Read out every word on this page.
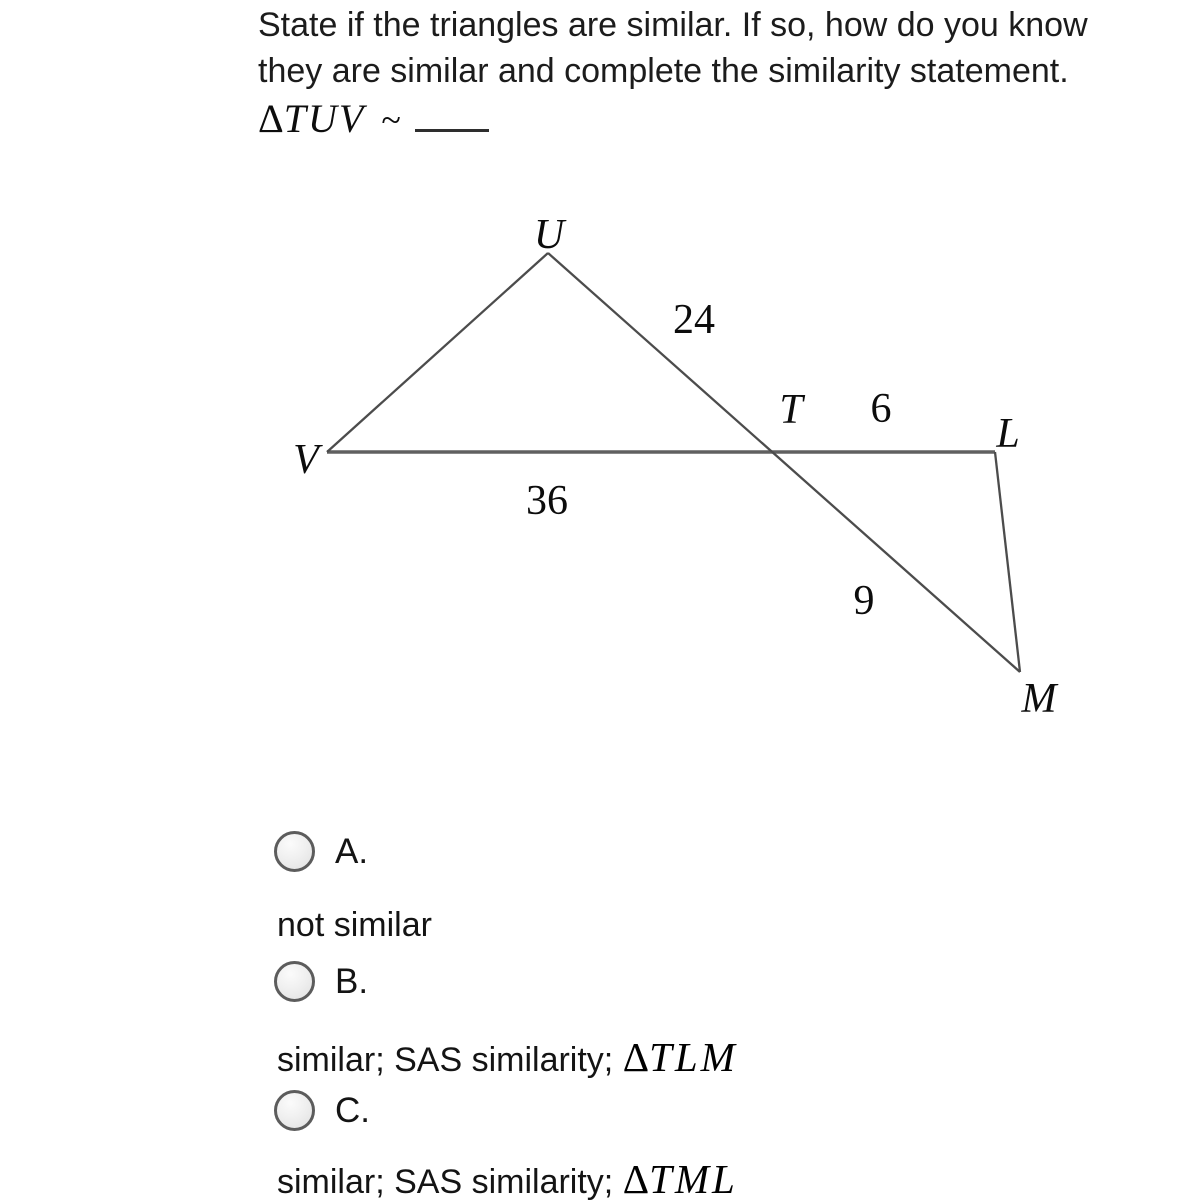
State if the triangles are similar. If so, how do you know
they are similar and complete the similarity statement.
ΔTUV ~
U
V
T
L
M
24
36
6
9
A.
not similar
B.
similar; SAS similarity; ΔTLM
C.
similar; SAS similarity; ΔTML
